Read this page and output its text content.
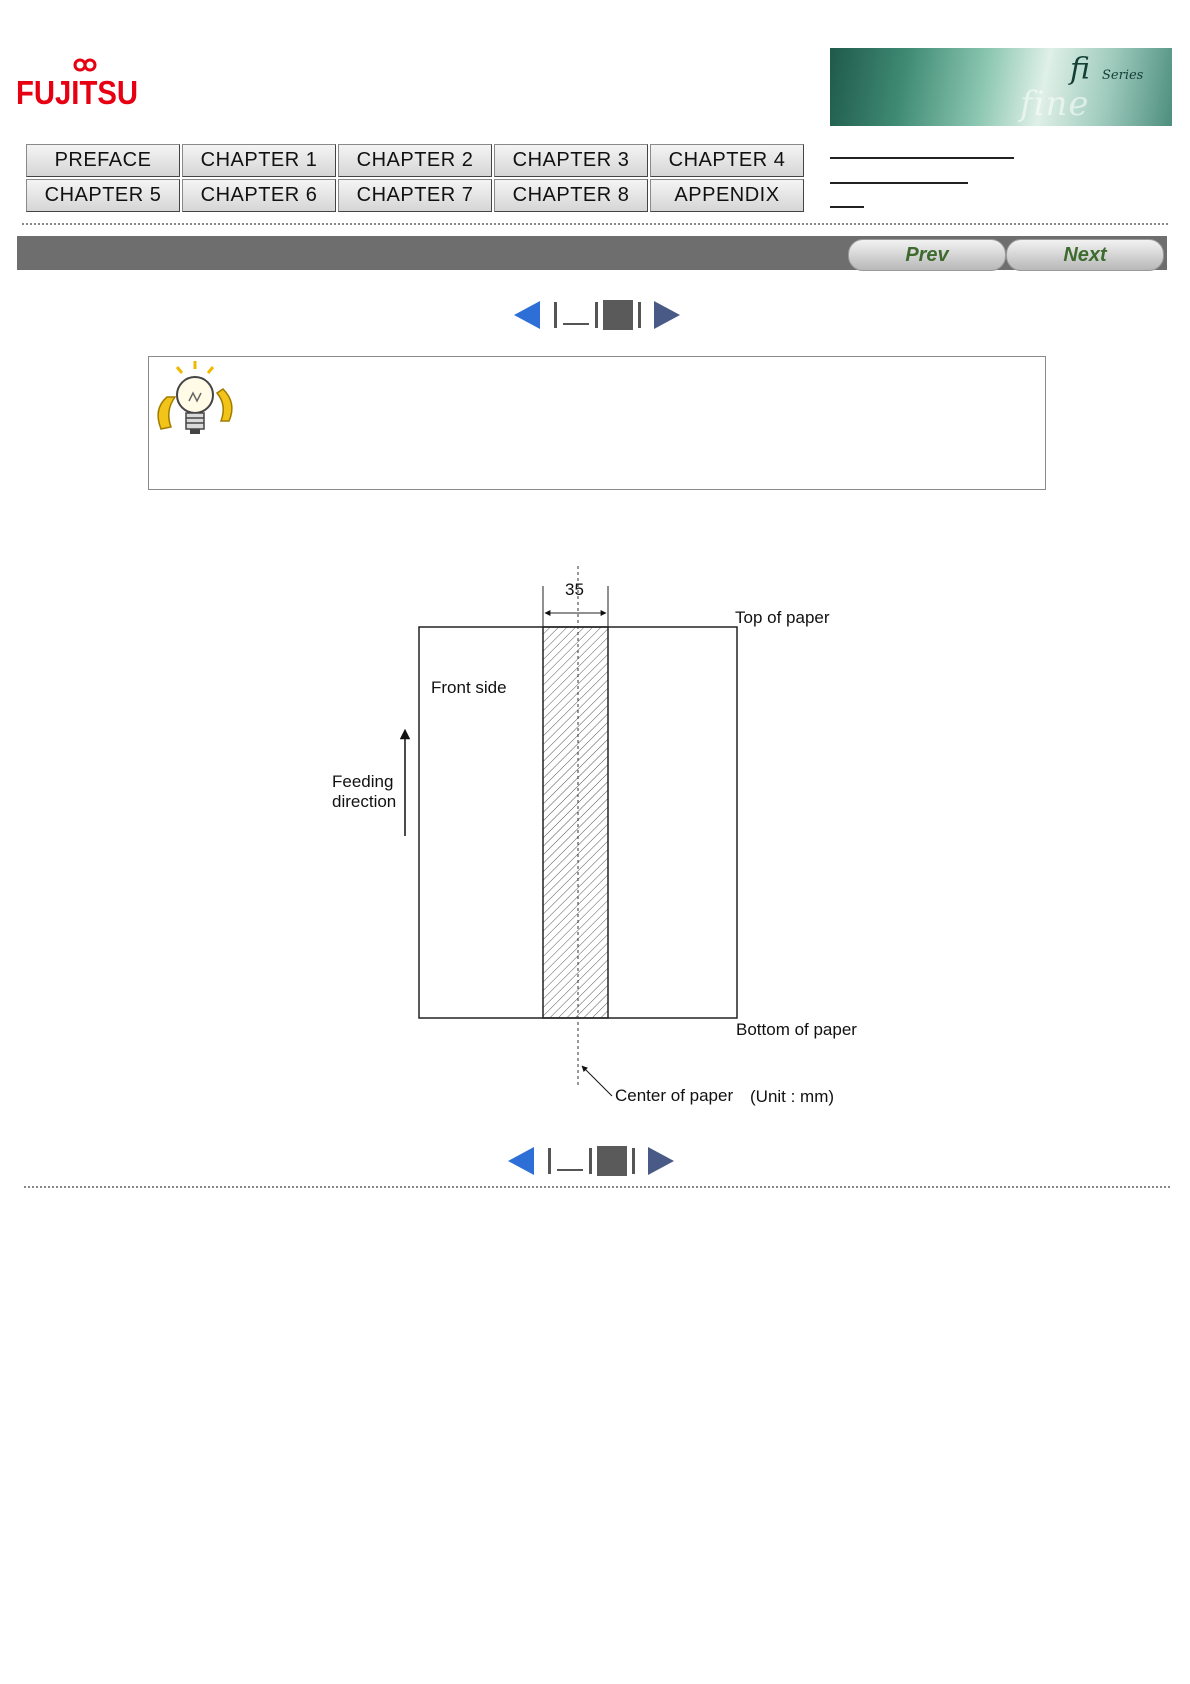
FUJITSU	fine Seminar
fi Series
PREFACE	CHAPTER 1	CHAPTER 2	CHAPTER 3	CHAPTER 4
CHAPTER 5	CHAPTER 6	CHAPTER 7	CHAPTER 8	APPENDIX
Prev	Next
35
Top of paper
Front side
Feeding
direction
Bottom of paper
Center of paper (Unit : mm)
